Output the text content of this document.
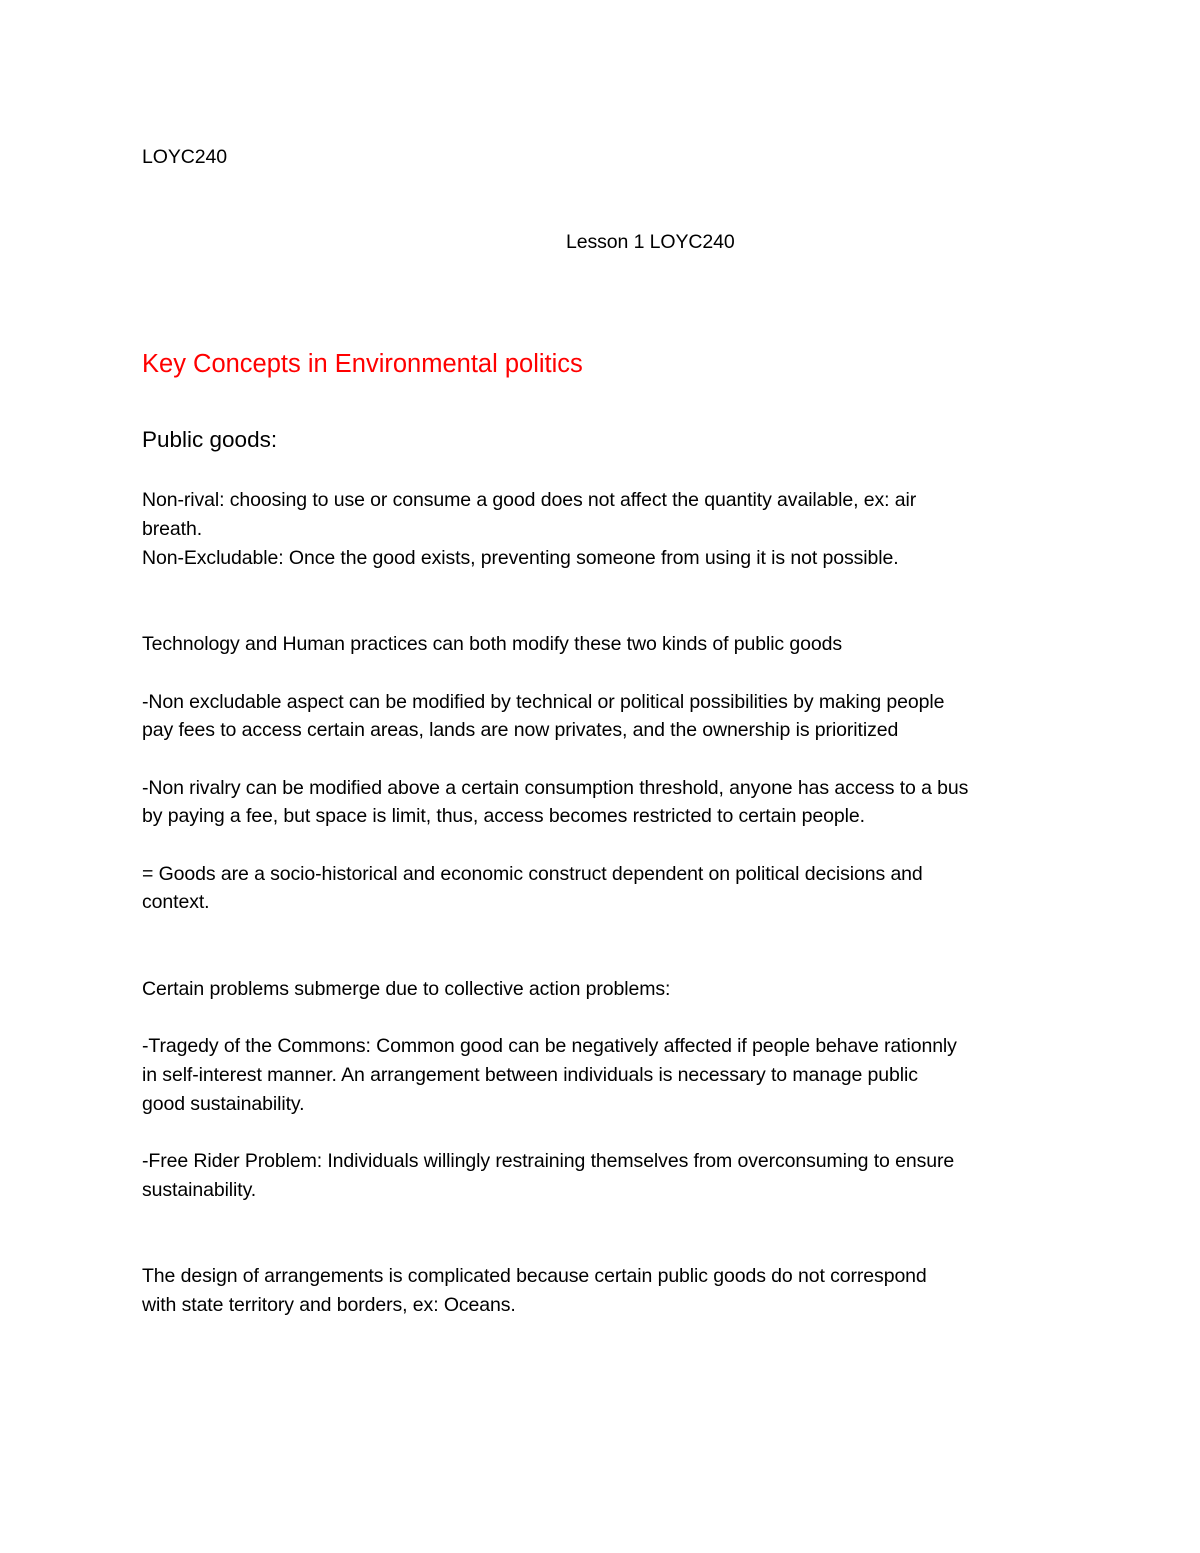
LOYC240

Lesson 1 LOYC240

Key Concepts in Environmental politics

Public goods:

Non-rival: choosing to use or consume a good does not affect the quantity available, ex: air

breath.

Non-Excludable: Once the good exists, preventing someone from using it is not possible.

Technology and Human practices can both modify these two kinds of public goods

-Non excludable aspect can be modified by technical or political possibilities by making people

pay fees to access certain areas, lands are now privates, and the ownership is prioritized

-Non rivalry can be modified above a certain consumption threshold, anyone has access to a bus

by paying a fee, but space is limit, thus, access becomes restricted to certain people.

= Goods are a socio-historical and economic construct dependent on political decisions and

context.

Certain problems submerge due to collective action problems:

-Tragedy of the Commons: Common good can be negatively affected if people behave rationnly

in self-interest manner. An arrangement between individuals is necessary to manage public

good sustainability.

-Free Rider Problem: Individuals willingly restraining themselves from overconsuming to ensure

sustainability.

The design of arrangements is complicated because certain public goods do not correspond

with state territory and borders, ex: Oceans.
